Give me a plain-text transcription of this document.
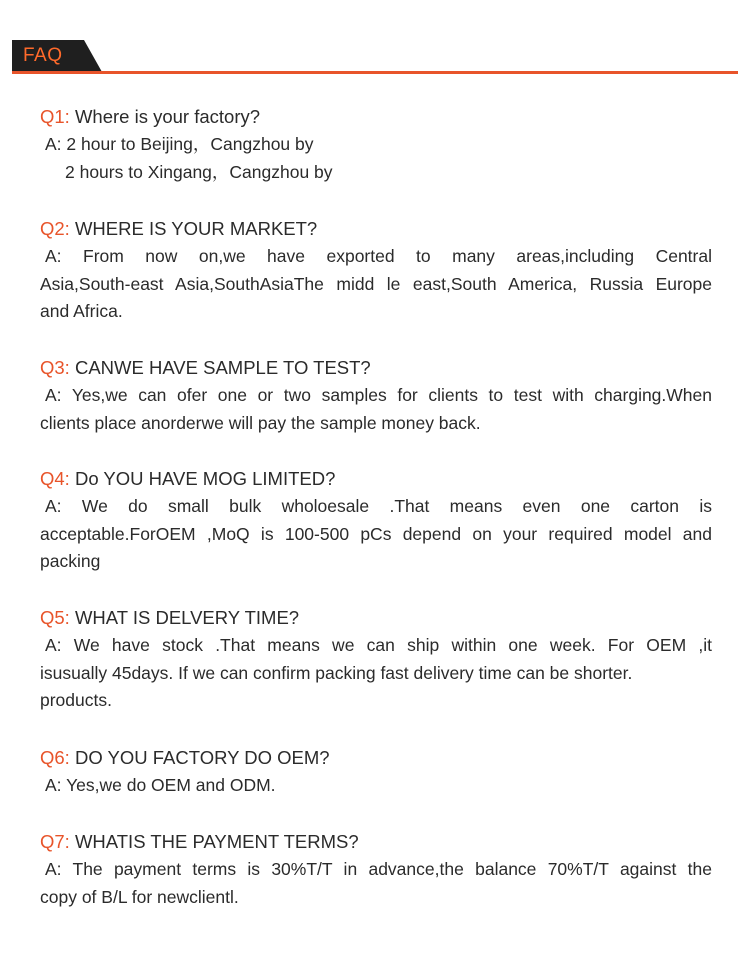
FAQ
Q1: Where is your factory?
A: 2 hour to Beijing，Cangzhou by
2 hours to Xingang，Cangzhou by
Q2: WHERE IS YOUR MARKET?
A: From now on,we have exported to many areas,including Central
Asia,South-east Asia,SouthAsiaThe midd le east,South America, Russia Europe
and Africa.
Q3: CANWE HAVE SAMPLE TO TEST?
A: Yes,we can ofer one or two samples for clients to test with charging.When
clients place anorderwe will pay the sample money back.
Q4: Do YOU HAVE MOG LIMITED?
A: We do small bulk wholoesale .That means even one carton is
acceptable.ForOEM ,MoQ is 100-500 pCs depend on your required model and
packing
Q5: WHAT IS DELVERY TIME?
A: We have stock .That means we can ship within one week. For OEM ,it
isusually 45days. If we can confirm packing fast delivery time can be shorter.
products.
Q6: DO YOU FACTORY DO OEM?
A: Yes,we do OEM and ODM.
Q7: WHATIS THE PAYMENT TERMS?
A: The payment terms is 30%T/T in advance,the balance 70%T/T against the
copy of B/L for newclientl.
